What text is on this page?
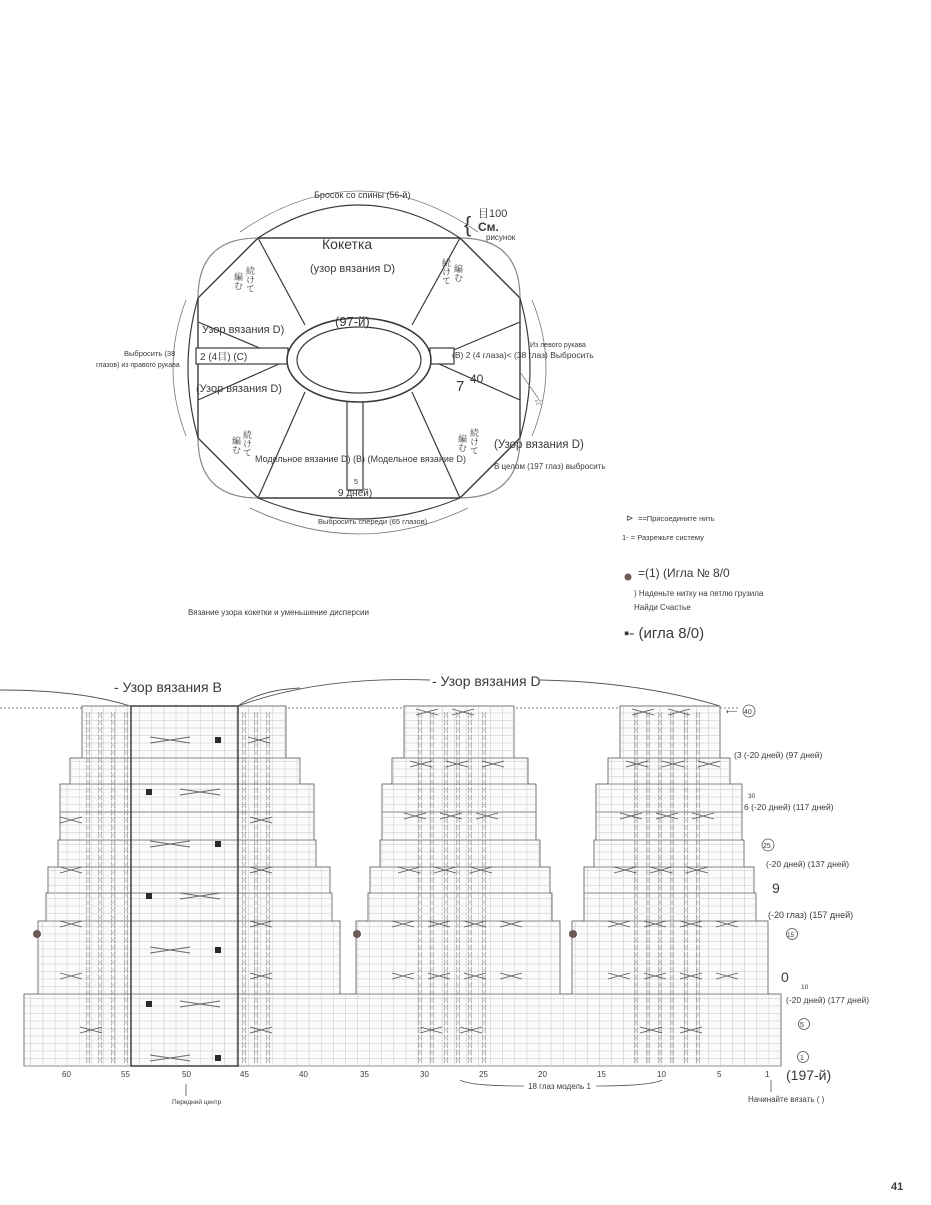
Бросок со спины (56-й)
Кокетка
(узор вязания D)
目100
См.
рисунок
{
(97-й)
Узор вязания D)
(Узор вязания D)
2 (4目) (C)
Выбросить (38
глазов) из правого рукава
Из левого рукава
(B) 2 (4 глаза)< (38 глаз) Выбросить
7 40
(Узор вязания D)
В целом (197 глаз) выбросить
Модельное вязание D) (B) (Модельное вязание D)
9 дней)
5
Выбросить спереди (65 глазов)
☆
続けて
編む	続けて 編む
続けて
編む	続けて
編む
⊳ ==Присоедините нить
1- = Разрежьте систему
=(1) (Игла № 8/0
) Наденьте нитку на петлю грузила
Найди Счастье
▪- (игла 8/0)
Вязание узора кокетки и уменьшение дисперсии
- Узор вязания B	- Узор вязания D
60	55	50	45	40	35	30	25	20	15	10	5	1
40
(3 (-20 дней) (97 дней)
30
6 (-20 дней) (117 дней)
25
(-20 дней) (137 дней)
9
(-20 глаз) (157 дней)
15
0
10
(-20 дней) (177 дней)
5
1
(197-й)
⟵
Передний центр
18 глаз модель 1
Начинайте вязать ( )
41
